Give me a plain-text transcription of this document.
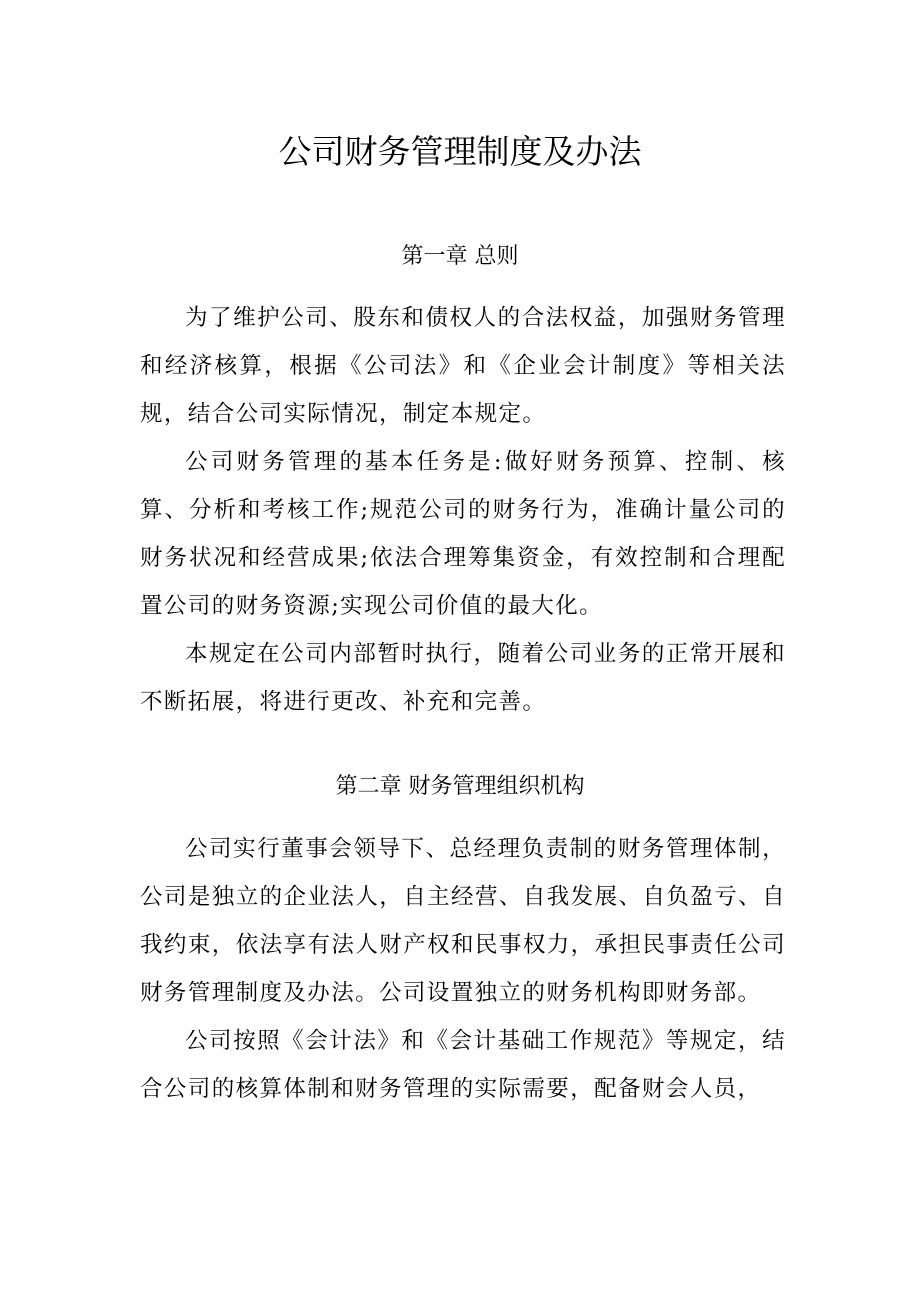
公司财务管理制度及办法
第一章 总则

为了维护公司、股东和债权人的合法权益，加强财务管理和经济核算，根据《公司法》和《企业会计制度》等相关法规，结合公司实际情况，制定本规定。

公司财务管理的基本任务是:做好财务预算、控制、核算、分析和考核工作;规范公司的财务行为，准确计量公司的财务状况和经营成果;依法合理筹集资金，有效控制和合理配置公司的财务资源;实现公司价值的最大化。

本规定在公司内部暂时执行，随着公司业务的正常开展和不断拓展，将进行更改、补充和完善。

第二章 财务管理组织机构

公司实行董事会领导下、总经理负责制的财务管理体制，公司是独立的企业法人，自主经营、自我发展、自负盈亏、自我约束，依法享有法人财产权和民事权力，承担民事责任公司财务管理制度及办法。公司设置独立的财务机构即财务部。

公司按照《会计法》和《会计基础工作规范》等规定，结合公司的核算体制和财务管理的实际需要，配备财会人员，
